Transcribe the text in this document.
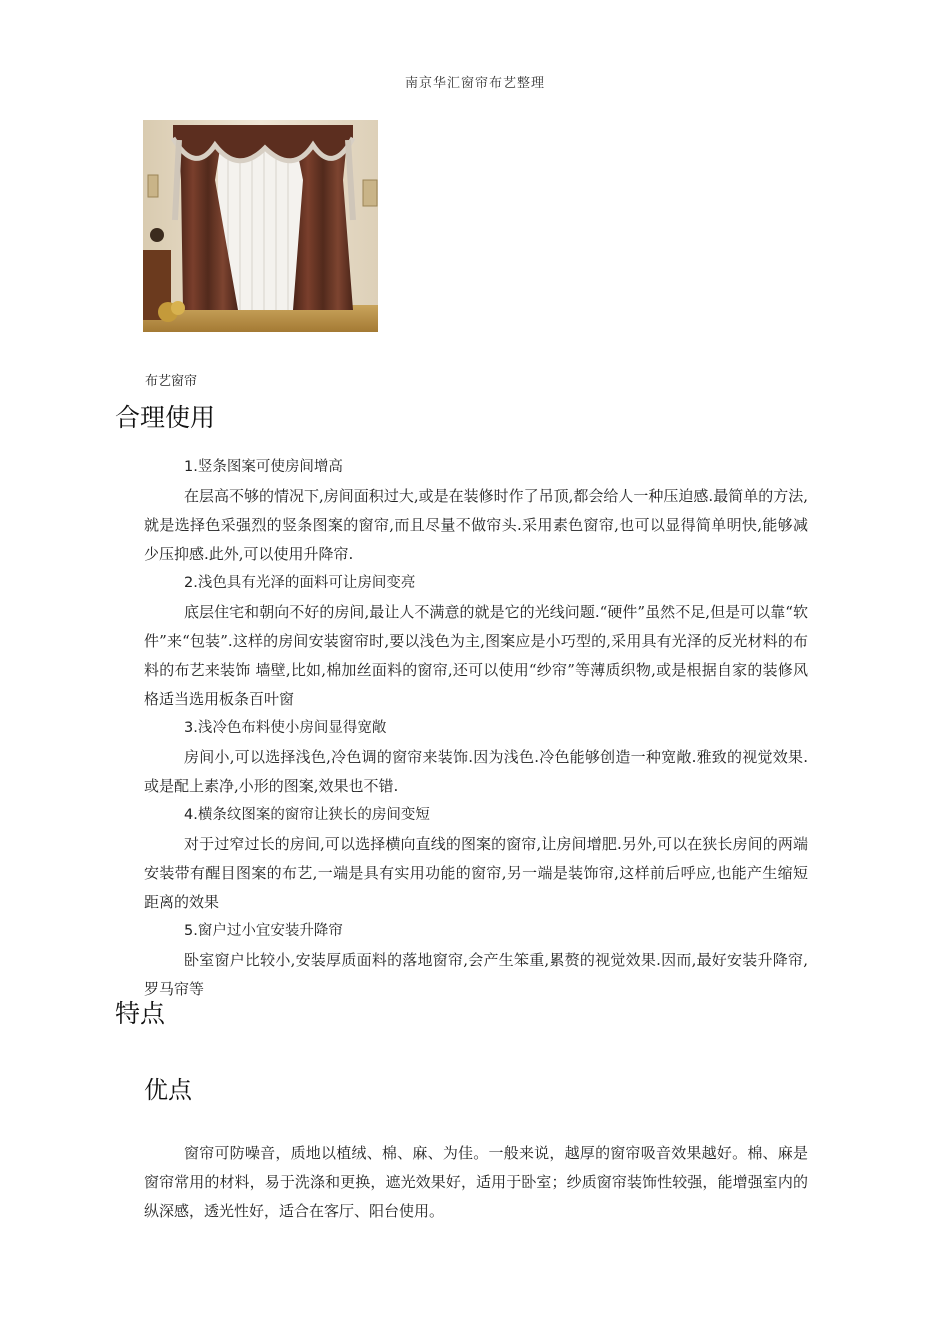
南京华汇窗帘布艺整理
布艺窗帘
合理使用

1.竖条图案可使房间增高

在层高不够的情况下,房间面积过大,或是在装修时作了吊顶,都会给人一种压迫感.最简单的方法,就是选择色采强烈的竖条图案的窗帘,而且尽量不做帘头.采用素色窗帘,也可以显得简单明快,能够减少压抑感.此外,可以使用升降帘.

2.浅色具有光泽的面料可让房间变亮

底层住宅和朝向不好的房间,最让人不满意的就是它的光线问题.“硬件”虽然不足,但是可以靠“软件”来“包装”.这样的房间安装窗帘时,要以浅色为主,图案应是小巧型的,采用具有光泽的反光材料的布料的布艺来装饰 墙壁,比如,棉加丝面料的窗帘,还可以使用“纱帘”等薄质织物,或是根据自家的装修风格适当选用板条百叶窗

3.浅冷色布料使小房间显得宽敞

房间小,可以选择浅色,冷色调的窗帘来装饰.因为浅色.冷色能够创造一种宽敞.雅致的视觉效果.或是配上素净,小形的图案,效果也不错.

4.横条纹图案的窗帘让狭长的房间变短

对于过窄过长的房间,可以选择横向直线的图案的窗帘,让房间增肥.另外,可以在狭长房间的两端安装带有醒目图案的布艺,一端是具有实用功能的窗帘,另一端是装饰帘,这样前后呼应,也能产生缩短距离的效果

5.窗户过小宜安装升降帘

卧室窗户比较小,安装厚质面料的落地窗帘,会产生笨重,累赘的视觉效果.因而,最好安装升降帘,罗马帘等

特点
优点

窗帘可防噪音，质地以植绒、棉、麻、为佳。一般来说，越厚的窗帘吸音效果越好。棉、麻是窗帘常用的材料，易于洗涤和更换，遮光效果好，适用于卧室；纱质窗帘装饰性较强，能增强室内的纵深感，透光性好，适合在客厅、阳台使用。
